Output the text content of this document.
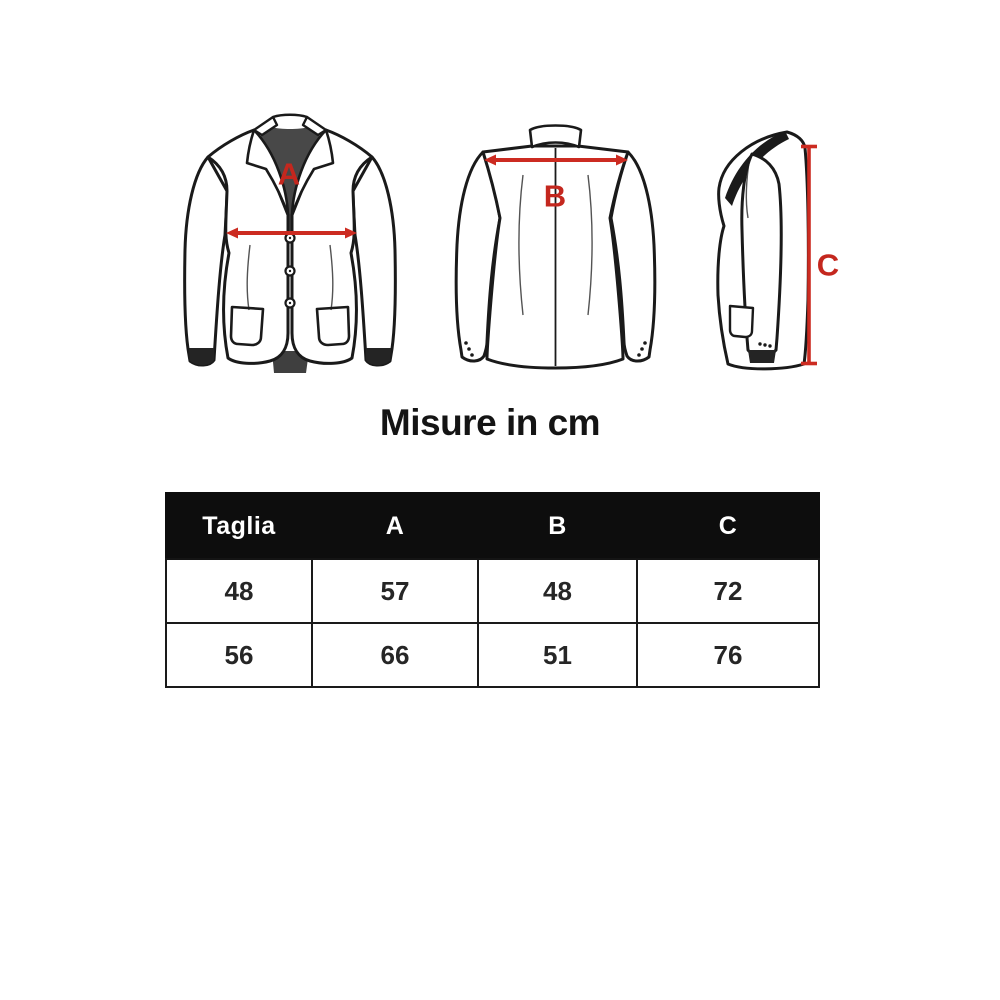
A
B
C
Misure in cm
Taglia	A	B	C
48	57	48	72
56	66	51	76
